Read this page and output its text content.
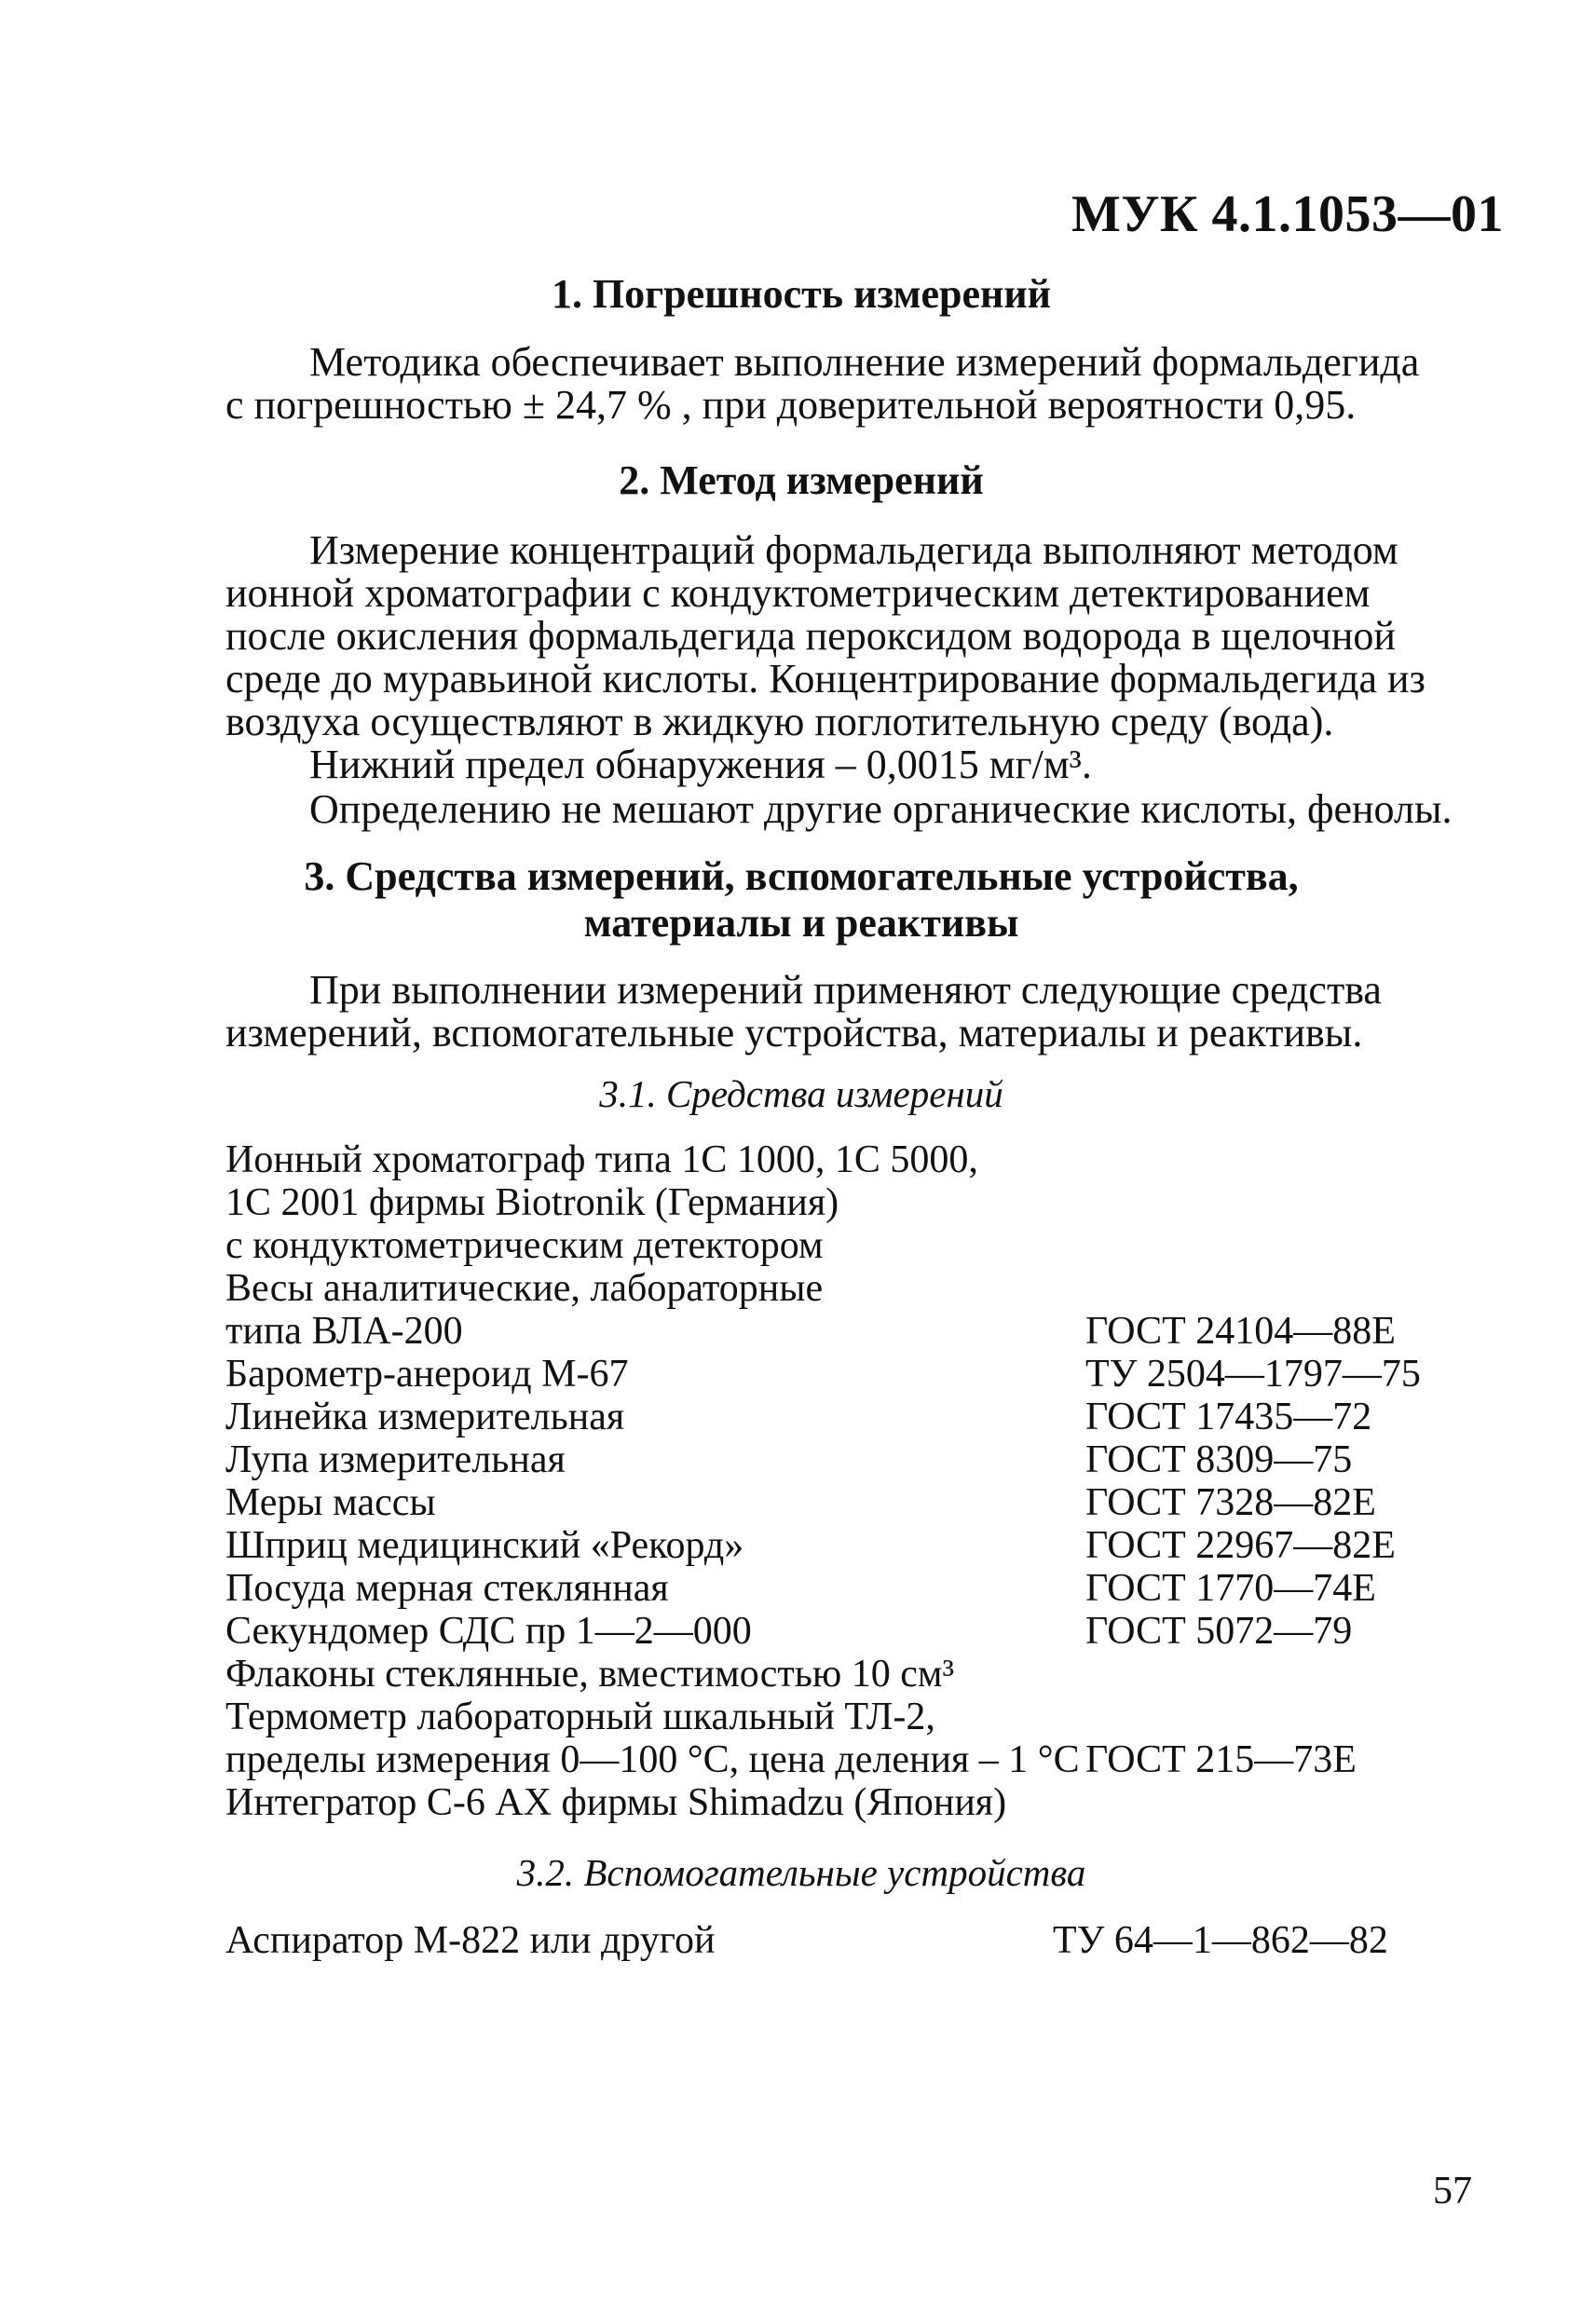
МУК 4.1.1053—01
1. Погрешность измерений
Методика обеспечивает выполнение измерений формальдегида
с погрешностью ± 24,7 % , при доверительной вероятности 0,95.
2. Метод измерений
Измерение концентраций формальдегида выполняют методом
ионной хроматографии с кондуктометрическим детектированием
после окисления формальдегида пероксидом водорода в щелочной
среде до муравьиной кислоты. Концентрирование формальдегида из
воздуха осуществляют в жидкую поглотительную среду (вода).
Нижний предел обнаружения – 0,0015 мг/м³.
Определению не мешают другие органические кислоты, фенолы.
3. Средства измерений, вспомогательные устройства,
материалы и реактивы
При выполнении измерений применяют следующие средства
измерений, вспомогательные устройства, материалы и реактивы.
3.1. Средства измерений
Ионный хроматограф типа 1С 1000, 1С 5000,
1С 2001 фирмы Biotronik (Германия)
с кондуктометрическим детектором
Весы аналитические, лабораторные
типа ВЛА-200	ГОСТ 24104—88Е
Барометр-анероид М-67	ТУ 2504—1797—75
Линейка измерительная	ГОСТ 17435—72
Лупа измерительная	ГОСТ 8309—75
Меры массы	ГОСТ 7328—82Е
Шприц медицинский «Рекорд»	ГОСТ 22967—82Е
Посуда мерная стеклянная	ГОСТ 1770—74Е
Секундомер СДС пр 1—2—000	ГОСТ 5072—79
Флаконы стеклянные, вместимостью 10 см³
Термометр лабораторный шкальный ТЛ-2,
пределы измерения 0—100 °С, цена деления – 1 °С ГОСТ 215—73Е
Интегратор С-6 АХ фирмы Shimadzu (Япония)
3.2. Вспомогательные устройства
Аспиратор М-822 или другой	ТУ 64—1—862—82
57
